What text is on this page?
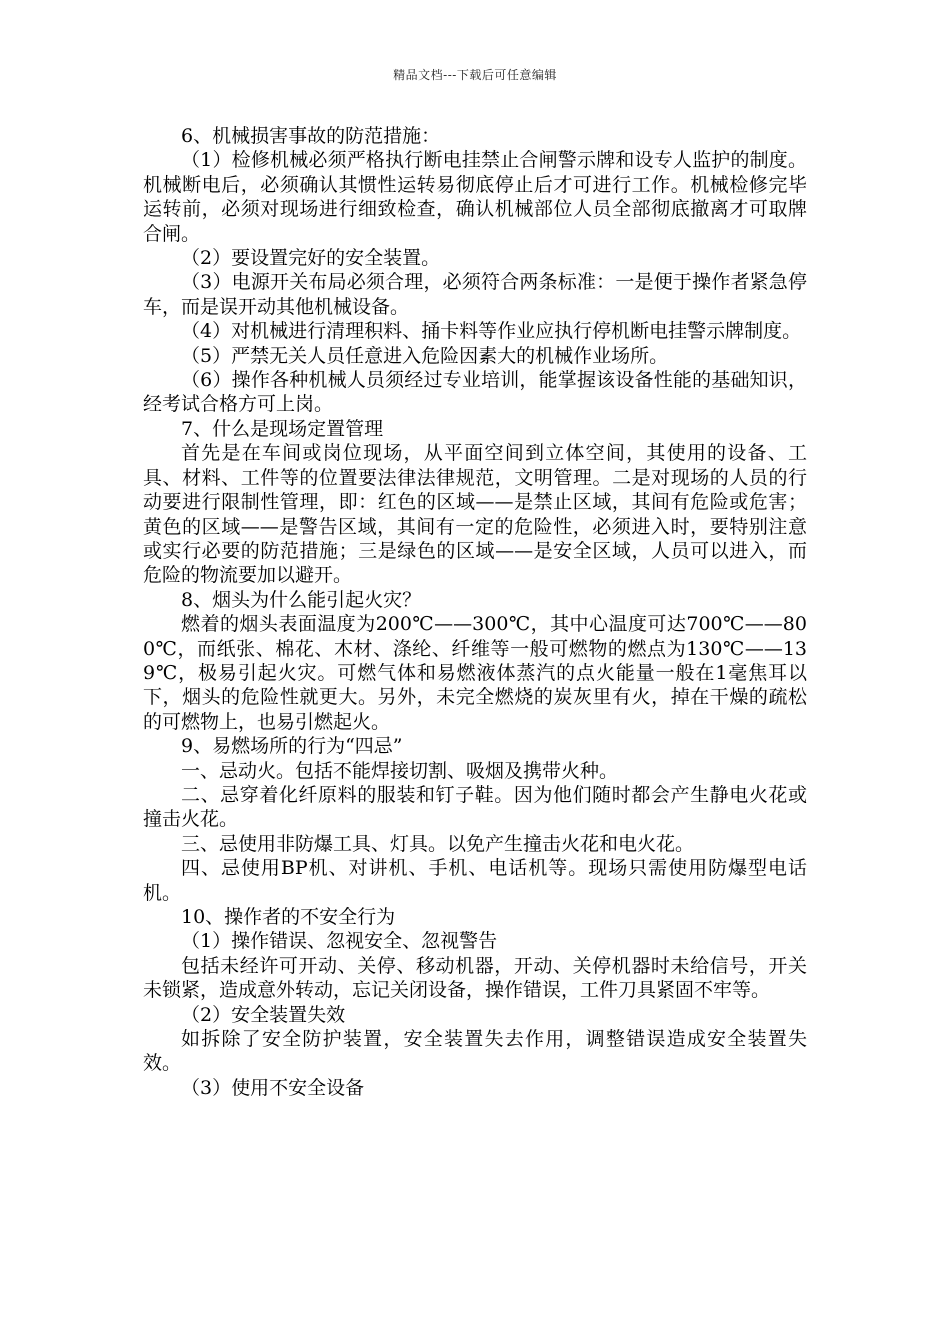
精品文档---下载后可任意编辑

6、机械损害事故的防范措施：

（1）检修机械必须严格执行断电挂禁止合闸警示牌和设专人监护的制度。机械断电后，必须确认其惯性运转易彻底停止后才可进行工作。机械检修完毕运转前，必须对现场进行细致检查，确认机械部位人员全部彻底撤离才可取牌合闸。

（2）要设置完好的安全装置。

（3）电源开关布局必须合理，必须符合两条标准：一是便于操作者紧急停车，而是误开动其他机械设备。

（4）对机械进行清理积料、捅卡料等作业应执行停机断电挂警示牌制度。

（5）严禁无关人员任意进入危险因素大的机械作业场所。

（6）操作各种机械人员须经过专业培训，能掌握该设备性能的基础知识，经考试合格方可上岗。

7、什么是现场定置管理

首先是在车间或岗位现场，从平面空间到立体空间，其使用的设备、工具、材料、工件等的位置要法律法律规范，文明管理。二是对现场的人员的行动要进行限制性管理，即：红色的区域——是禁止区域，其间有危险或危害；黄色的区域——是警告区域，其间有一定的危险性，必须进入时，要特别注意或实行必要的防范措施；三是绿色的区域——是安全区域，人员可以进入，而危险的物流要加以避开。

8、烟头为什么能引起火灾？

燃着的烟头表面温度为200℃——300℃，其中心温度可达700℃——800℃，而纸张、棉花、木材、涤纶、纤维等一般可燃物的燃点为130℃——139℃，极易引起火灾。可燃气体和易燃液体蒸汽的点火能量一般在1毫焦耳以下，烟头的危险性就更大。另外，未完全燃烧的炭灰里有火，掉在干燥的疏松的可燃物上，也易引燃起火。

9、易燃场所的行为“四忌”

一、忌动火。包括不能焊接切割、吸烟及携带火种。

二、忌穿着化纤原料的服装和钉子鞋。因为他们随时都会产生静电火花或撞击火花。

三、忌使用非防爆工具、灯具。以免产生撞击火花和电火花。

四、忌使用BP机、对讲机、手机、电话机等。现场只需使用防爆型电话机。

10、操作者的不安全行为

（1）操作错误、忽视安全、忽视警告

包括未经许可开动、关停、移动机器，开动、关停机器时未给信号，开关未锁紧，造成意外转动，忘记关闭设备，操作错误，工件刀具紧固不牢等。

（2）安全装置失效

如拆除了安全防护装置，安全装置失去作用，调整错误造成安全装置失效。

（3）使用不安全设备
